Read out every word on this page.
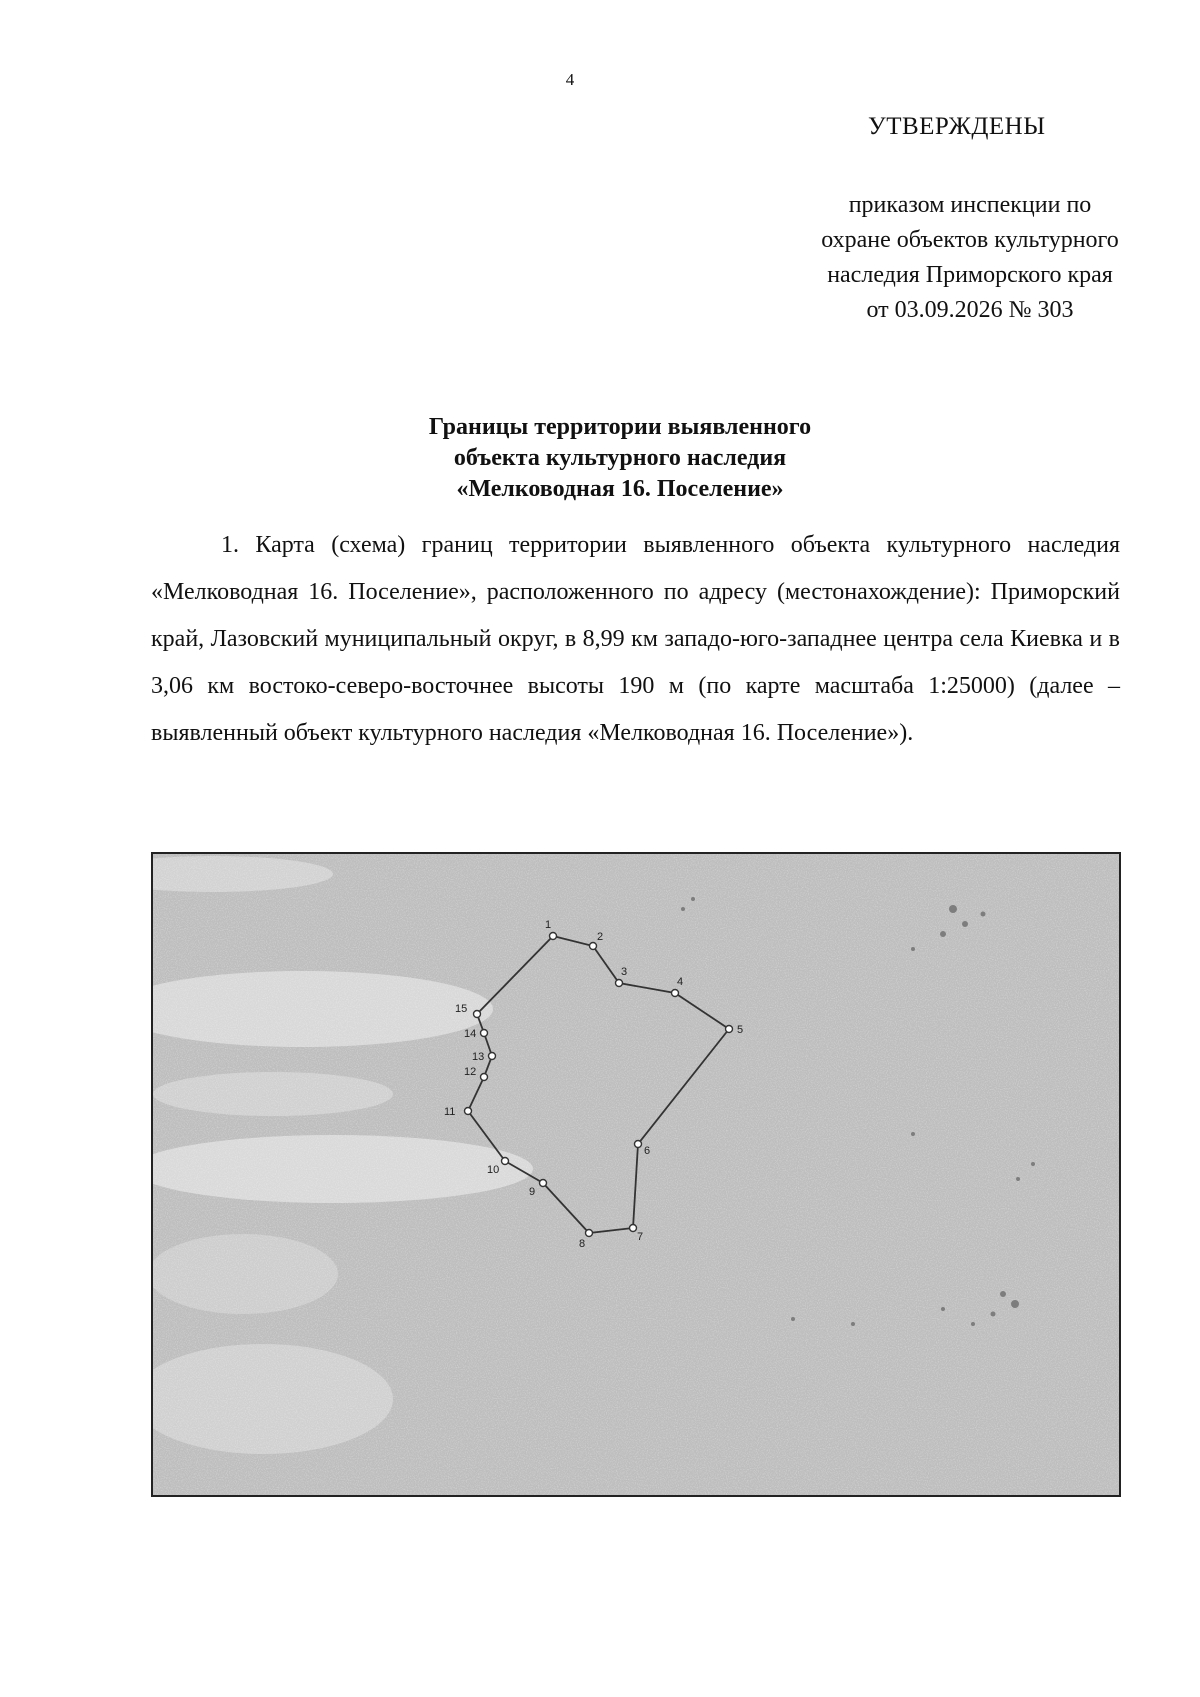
4
УТВЕРЖДЕНЫ
приказом инспекции по
охране объектов культурного
наследия Приморского края
от 03.09.2026 № 303
Границы территории выявленного
объекта культурного наследия
«Мелководная 16. Поселение»
1. Карта (схема) границ территории выявленного объекта культурного наследия «Мелководная 16. Поселение», расположенного по адресу (местонахождение): Приморский край, Лазовский муниципальный округ, в 8,99 км западо-юго-западнее центра села Киевка и в 3,06 км востоко-северо-восточнее высоты 190 м (по карте масштаба 1:25000) (далее – выявленный объект культурного наследия «Мелководная 16. Поселение»).
1
2
3
4
5
6
7
8
9
10
11
12
13
14
15
